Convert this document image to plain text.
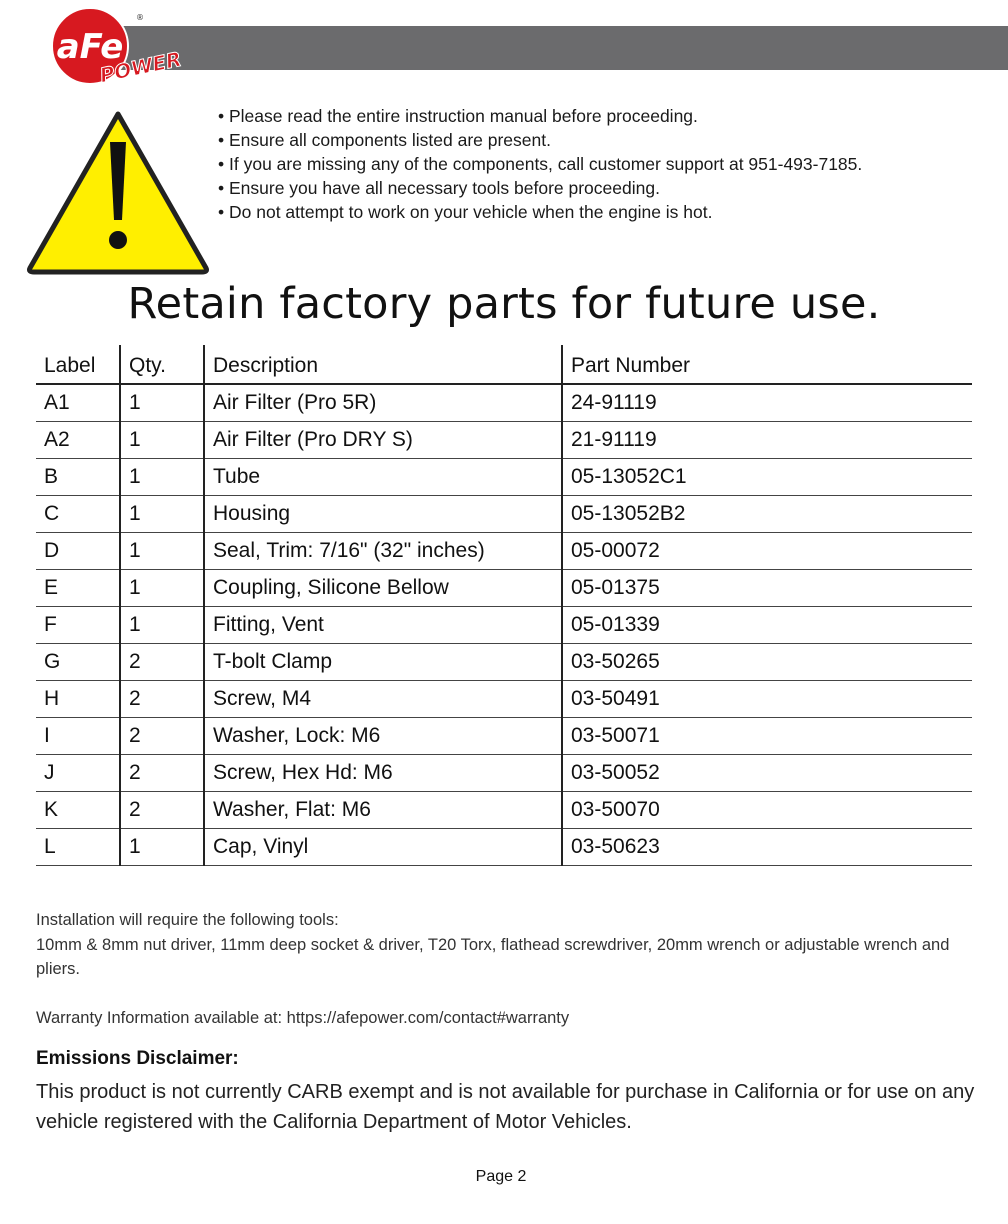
aFe
POWER
®
• Please read the entire instruction manual before proceeding.
• Ensure all components listed are present.
• If you are missing any of the components, call customer support at 951-493-7185.
• Ensure you have all necessary tools before proceeding.
• Do not attempt to work on your vehicle when the engine is hot.
Retain factory parts for future use.
Label	Qty.	Description	Part Number
A1	1	Air Filter (Pro 5R)	24-91119
A2	1	Air Filter (Pro DRY S)	21-91119
B	1	Tube	05-13052C1
C	1	Housing	05-13052B2
D	1	Seal, Trim: 7/16" (32" inches)	05-00072
E	1	Coupling, Silicone Bellow	05-01375
F	1	Fitting, Vent	05-01339
G	2	T-bolt Clamp	03-50265
H	2	Screw, M4	03-50491
I	2	Washer, Lock: M6	03-50071
J	2	Screw, Hex Hd: M6	03-50052
K	2	Washer, Flat: M6	03-50070
L	1	Cap, Vinyl	03-50623

Installation will require the following tools:

10mm & 8mm nut driver, 11mm deep socket & driver, T20 Torx, flathead screwdriver, 20mm wrench or adjustable wrench and pliers.

Warranty Information available at: https://afepower.com/contact#warranty
Emissions Disclaimer:
This product is not currently CARB exempt and is not available for purchase in California or for use on any vehicle registered with the California Department of Motor Vehicles.
Page 2
